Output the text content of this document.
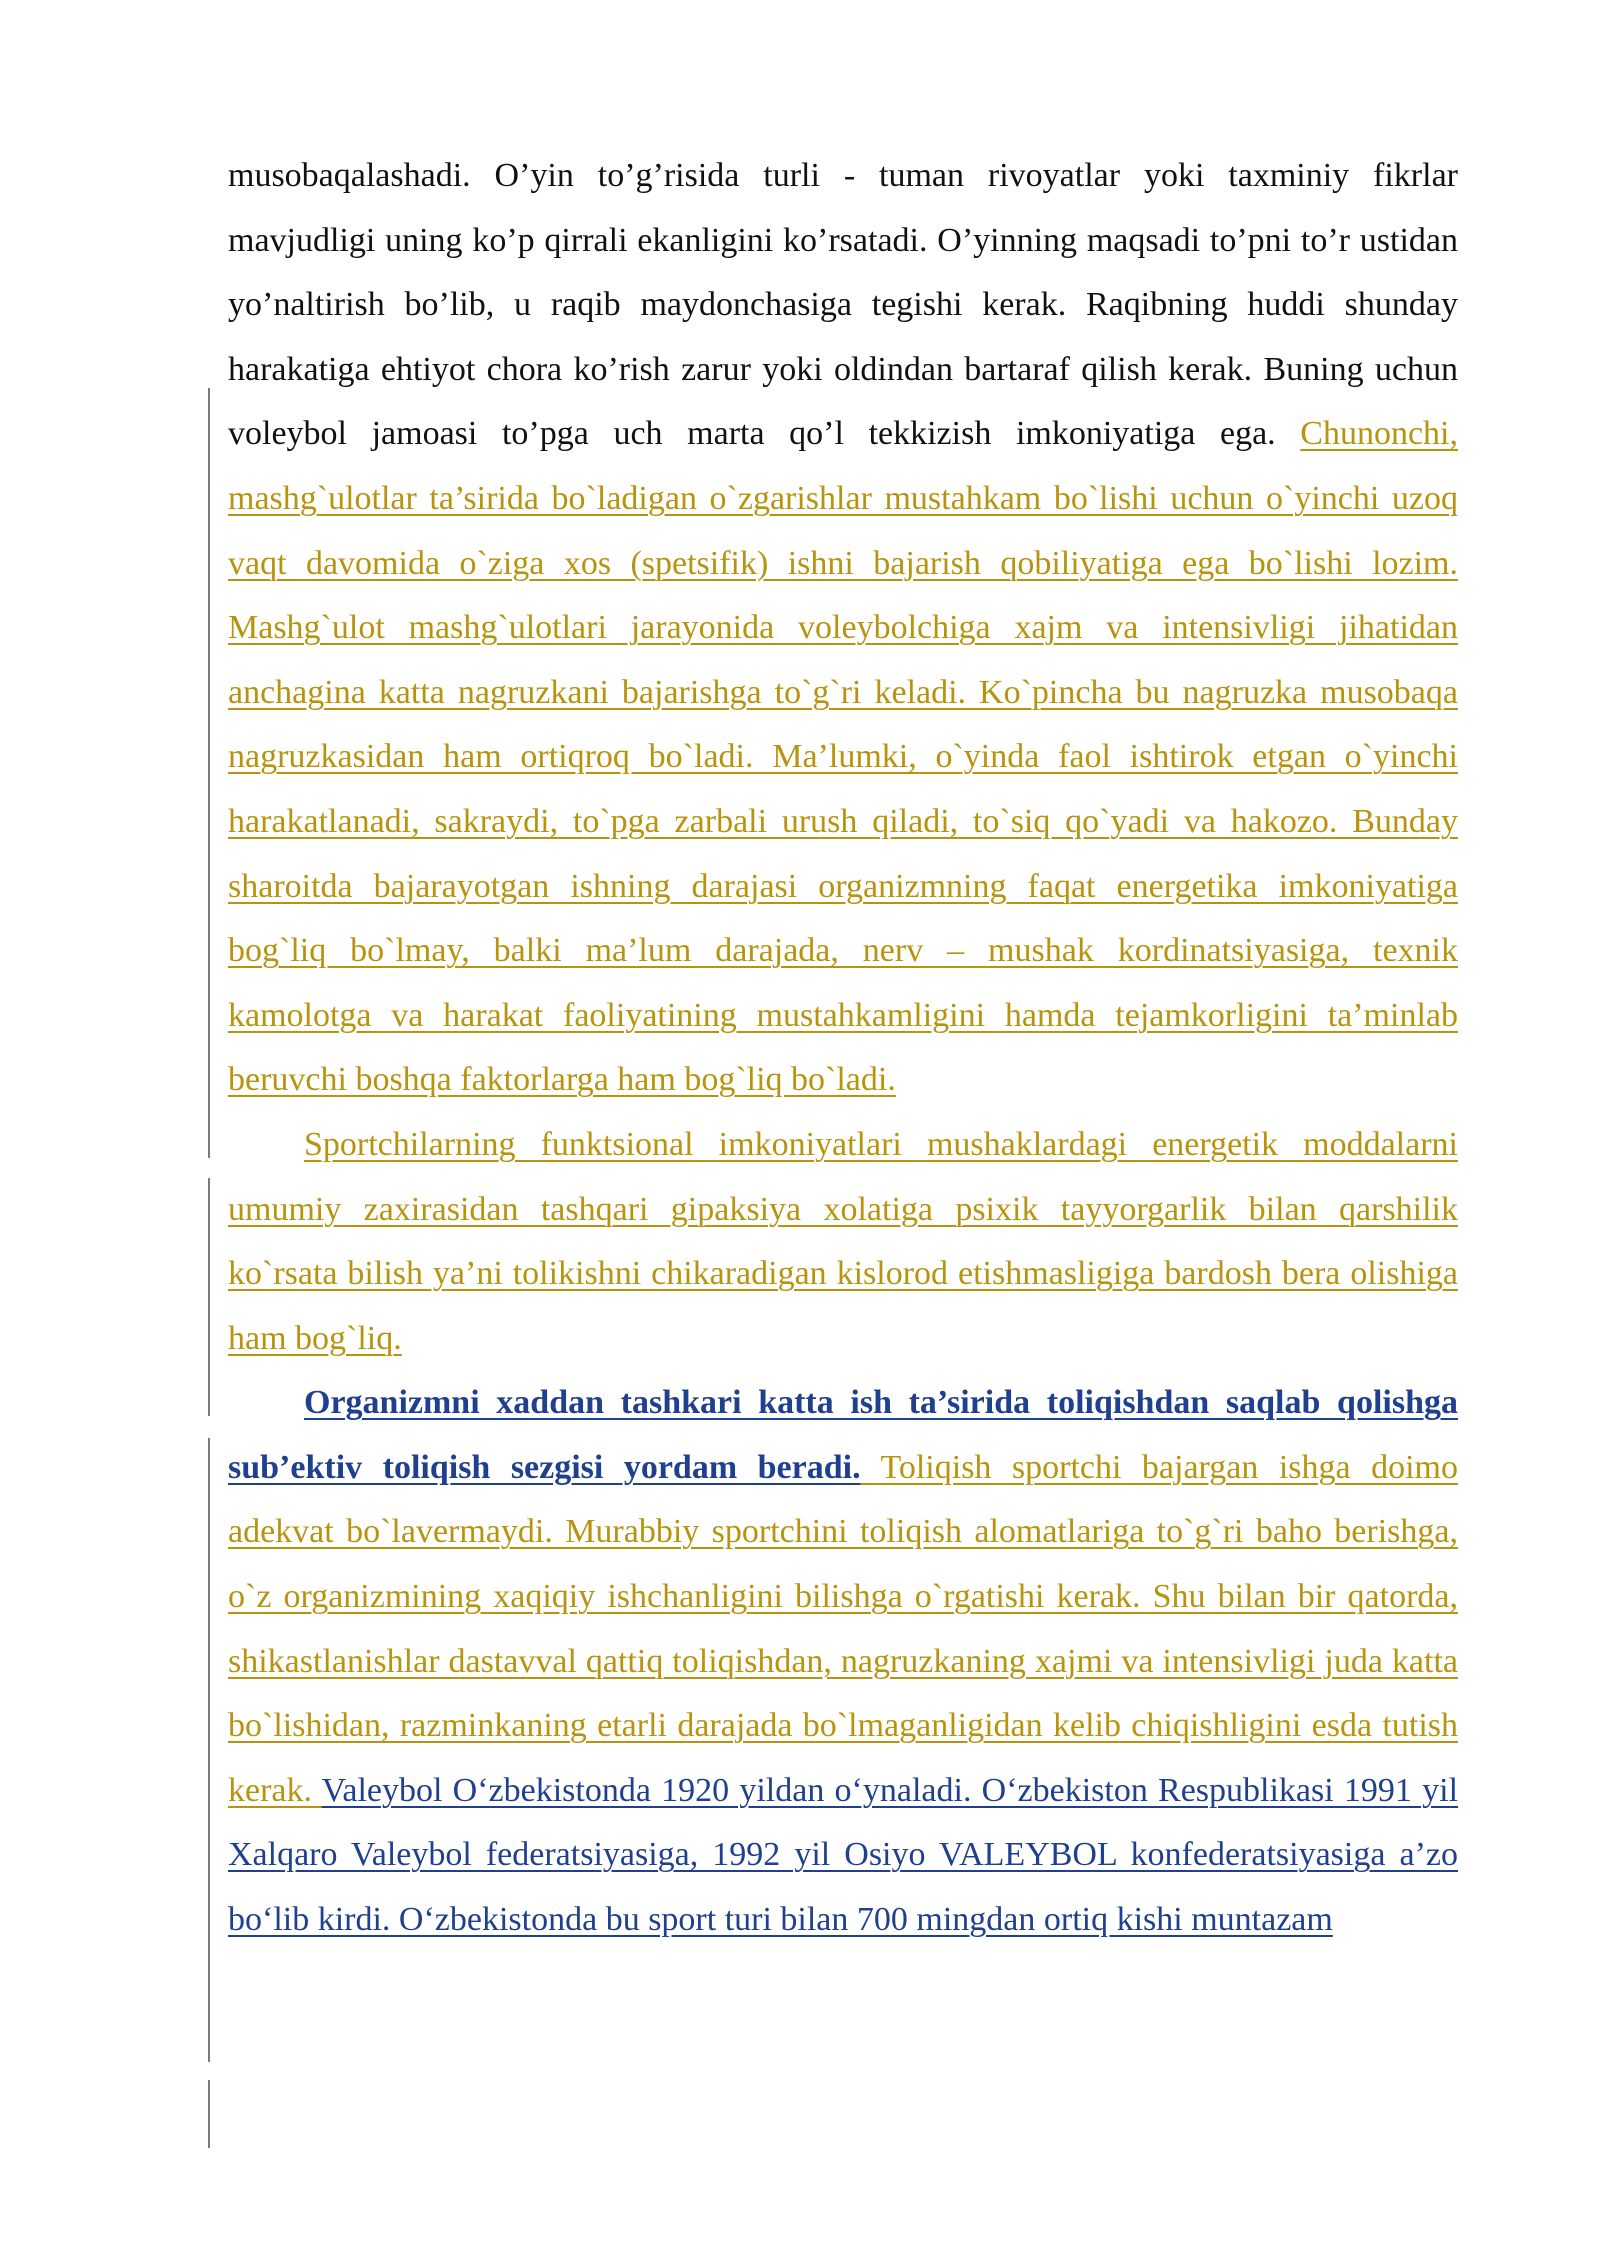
musobaqalashadi. O’yin to’g’risida turli - tuman rivoyatlar yoki taxminiy fikrlar mavjudligi uning ko’p qirrali ekanligini ko’rsatadi. O’yinning maqsadi to’pni to’r ustidan yo’naltirish bo’lib, u raqib maydonchasiga tegishi kerak. Raqibning huddi shunday harakatiga ehtiyot chora ko’rish zarur yoki oldindan bartaraf qilish kerak. Buning uchun voleybol jamoasi to’pga uch marta qo’l tekkizish imkoniyatiga ega. Chunonchi, mashg`ulotlar ta’sirida bo`ladigan o`zgarishlar mustahkam bo`lishi uchun o`yinchi uzoq vaqt davomida o`ziga xos (spetsifik) ishni bajarish qobiliyatiga ega bo`lishi lozim. Mashg`ulot mashg`ulotlari jarayonida voleybolchiga xajm va intensivligi jihatidan anchagina katta nagruzkani bajarishga to`g`ri keladi. Ko`pincha bu nagruzka musobaqa nagruzkasidan ham ortiqroq bo`ladi. Ma’lumki, o`yinda faol ishtirok etgan o`yinchi harakatlanadi, sakraydi, to`pga zarbali urush qiladi, to`siq qo`yadi va hakozo. Bunday sharoitda bajarayotgan ishning darajasi organizmning faqat energetika imkoniyatiga bog`liq bo`lmay, balki ma’lum darajada, nerv – mushak kordinatsiyasiga, texnik kamolotga va harakat faoliyatining mustahkamligini hamda tejamkorligini ta’minlab beruvchi boshqa faktorlarga ham bog`liq bo`ladi.

Sportchilarning funktsional imkoniyatlari mushaklardagi energetik moddalarni umumiy zaxirasidan tashqari gipaksiya xolatiga psixik tayyorgarlik bilan qarshilik ko`rsata bilish ya’ni tolikishni chikaradigan kislorod etishmasligiga bardosh bera olishiga ham bog`liq.

Organizmni xaddan tashkari katta ish ta’sirida toliqishdan saqlab qolishga sub’ektiv toliqish sezgisi yordam beradi. Toliqish sportchi bajargan ishga doimo adekvat bo`lavermaydi. Murabbiy sportchini toliqish alomatlariga to`g`ri baho berishga, o`z organizmining xaqiqiy ishchanligini bilishga o`rgatishi kerak. Shu bilan bir qatorda, shikastlanishlar dastavval qattiq toliqishdan, nagruzkaning xajmi va intensivligi juda katta bo`lishidan, razminkaning etarli darajada bo`lmaganligidan kelib chiqishligini esda tutish kerak. Valeybol O‘zbekistonda 1920 yildan o‘ynaladi. O‘zbekiston Respublikasi 1991 yil Xalqaro Valeybol federatsiyasiga, 1992 yil Osiyo VALEYBOL konfederatsiyasiga a’zo bo‘lib kirdi. O‘zbekistonda bu sport turi bilan 700 mingdan ortiq kishi muntazam
